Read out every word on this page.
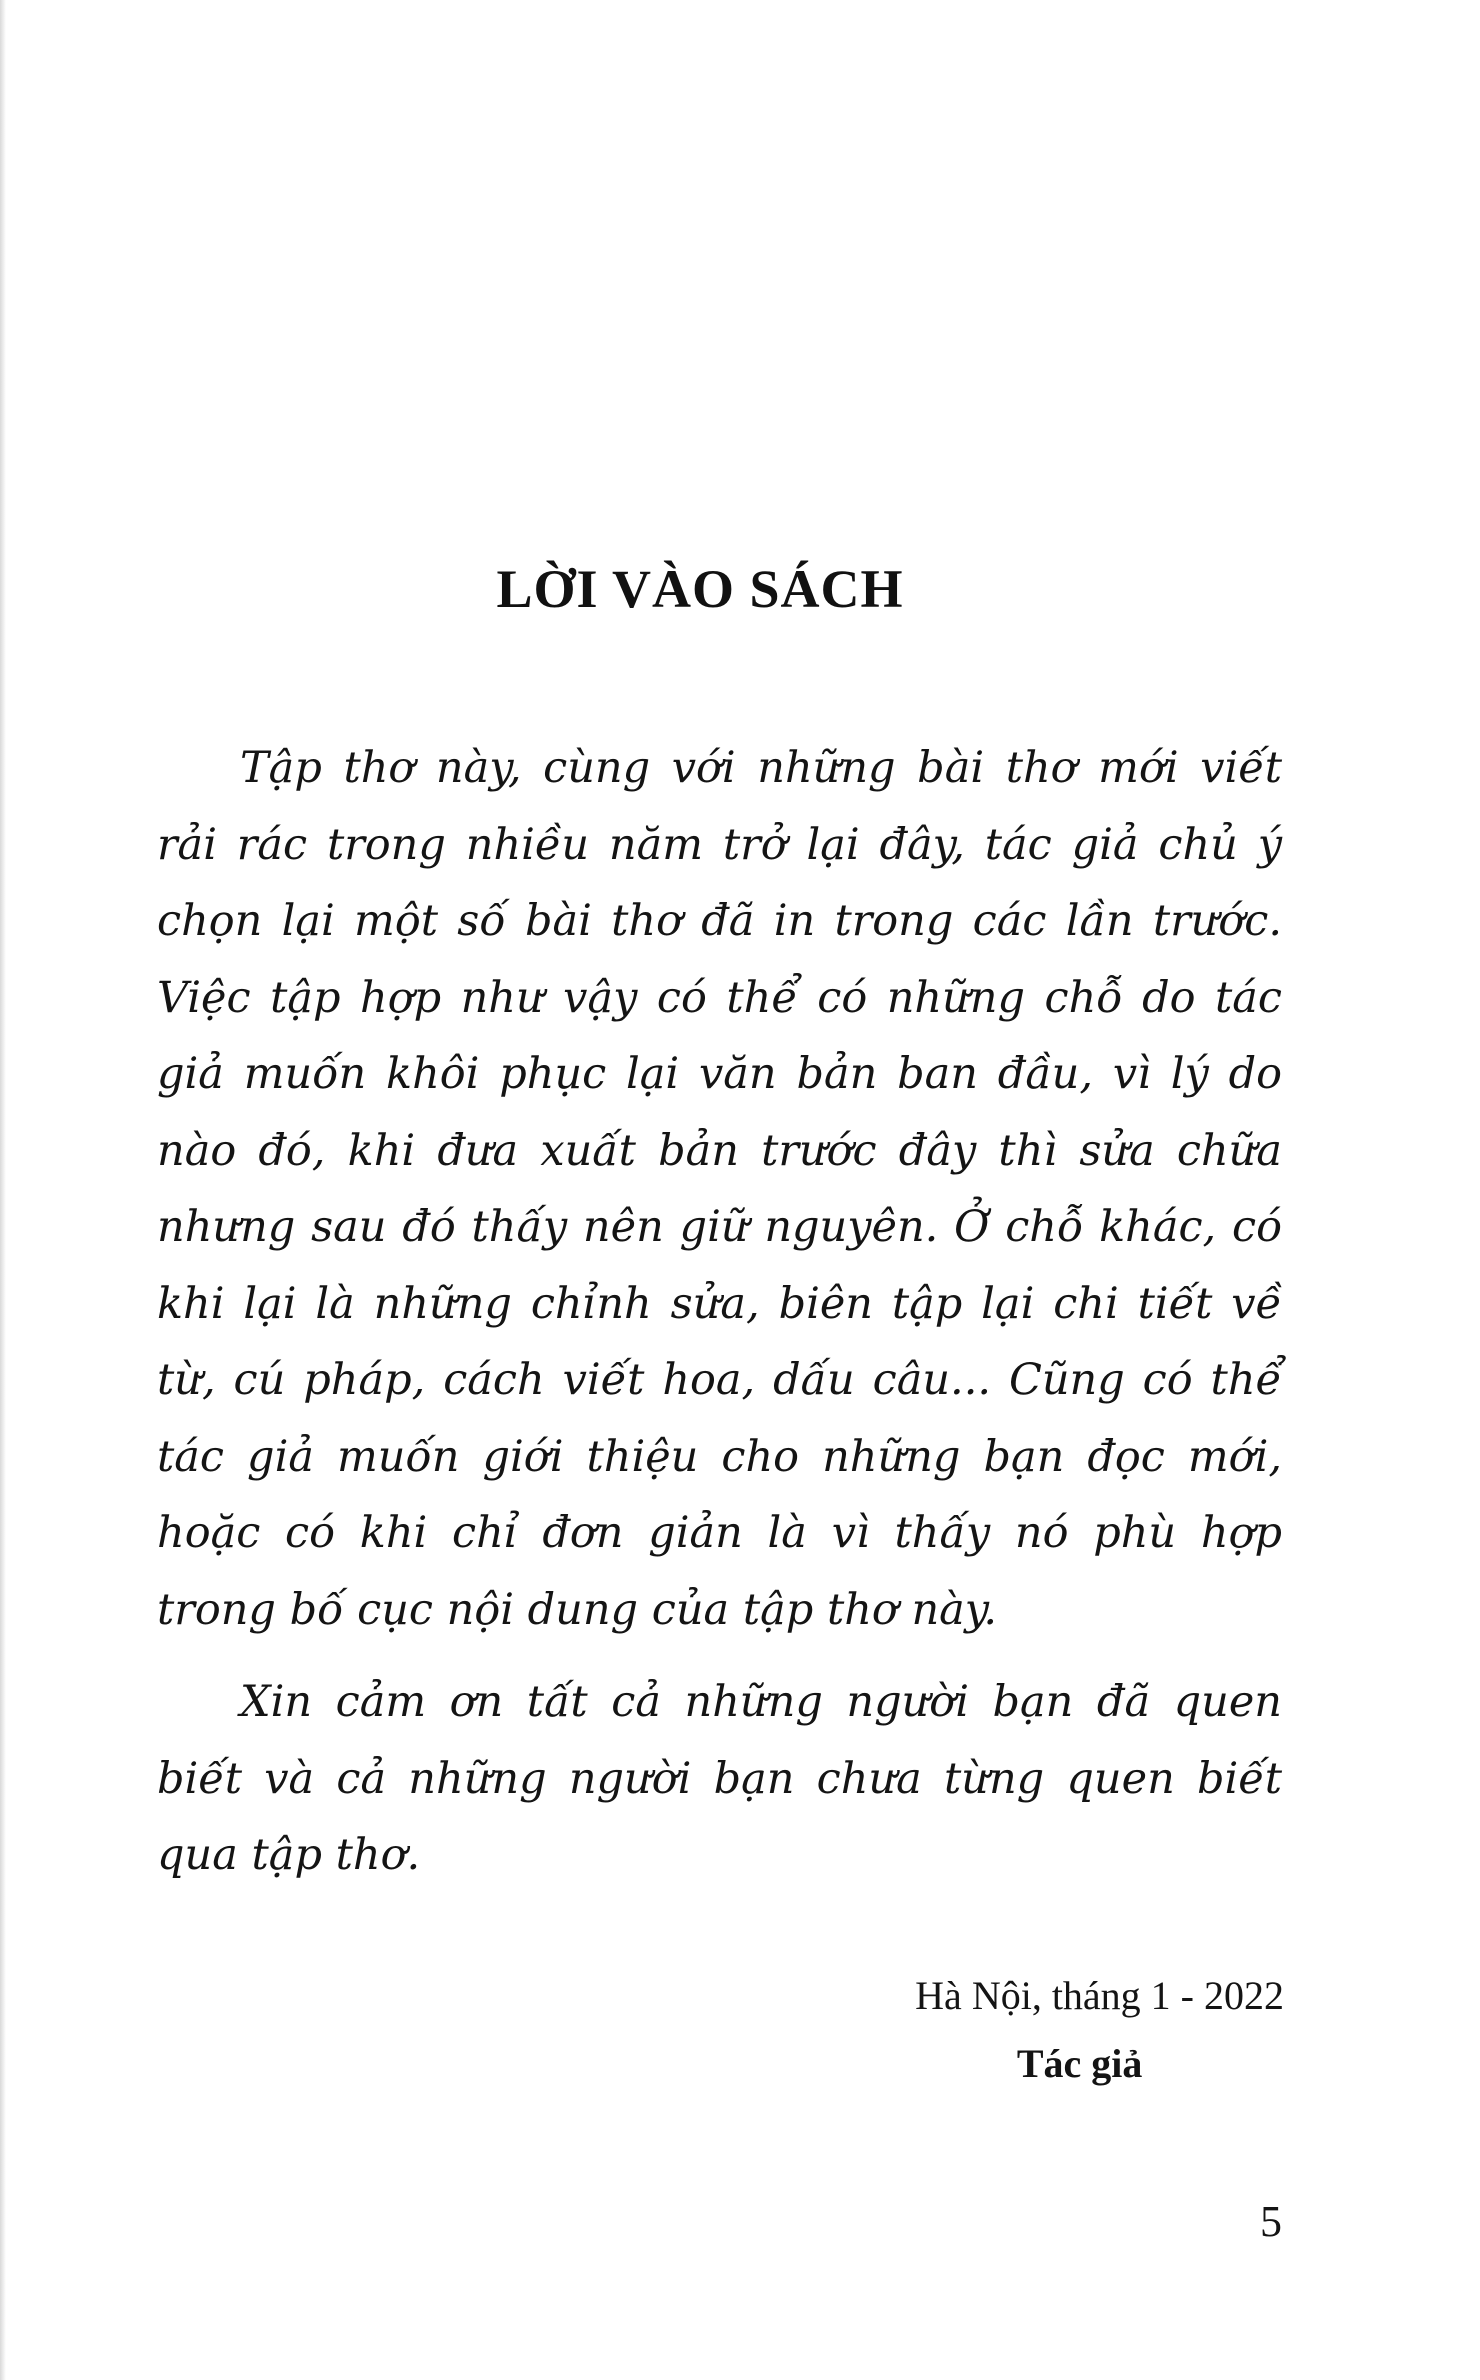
LỜI VÀO SÁCH

Tập thơ này, cùng với những bài thơ mới viết rải rác trong nhiều năm trở lại đây, tác giả chủ ý chọn lại một số bài thơ đã in trong các lần trước. Việc tập hợp như vậy có thể có những chỗ do tác giả muốn khôi phục lại văn bản ban đầu, vì lý do nào đó, khi đưa xuất bản trước đây thì sửa chữa nhưng sau đó thấy nên giữ nguyên. Ở chỗ khác, có khi lại là những chỉnh sửa, biên tập lại chi tiết về từ, cú pháp, cách viết hoa, dấu câu... Cũng có thể tác giả muốn giới thiệu cho những bạn đọc mới, hoặc có khi chỉ đơn giản là vì thấy nó phù hợp trong bố cục nội dung của tập thơ này.

Xin cảm ơn tất cả những người bạn đã quen biết và cả những người bạn chưa từng quen biết qua tập thơ.

Hà Nội, tháng 1 - 2022
Tác giả
5
